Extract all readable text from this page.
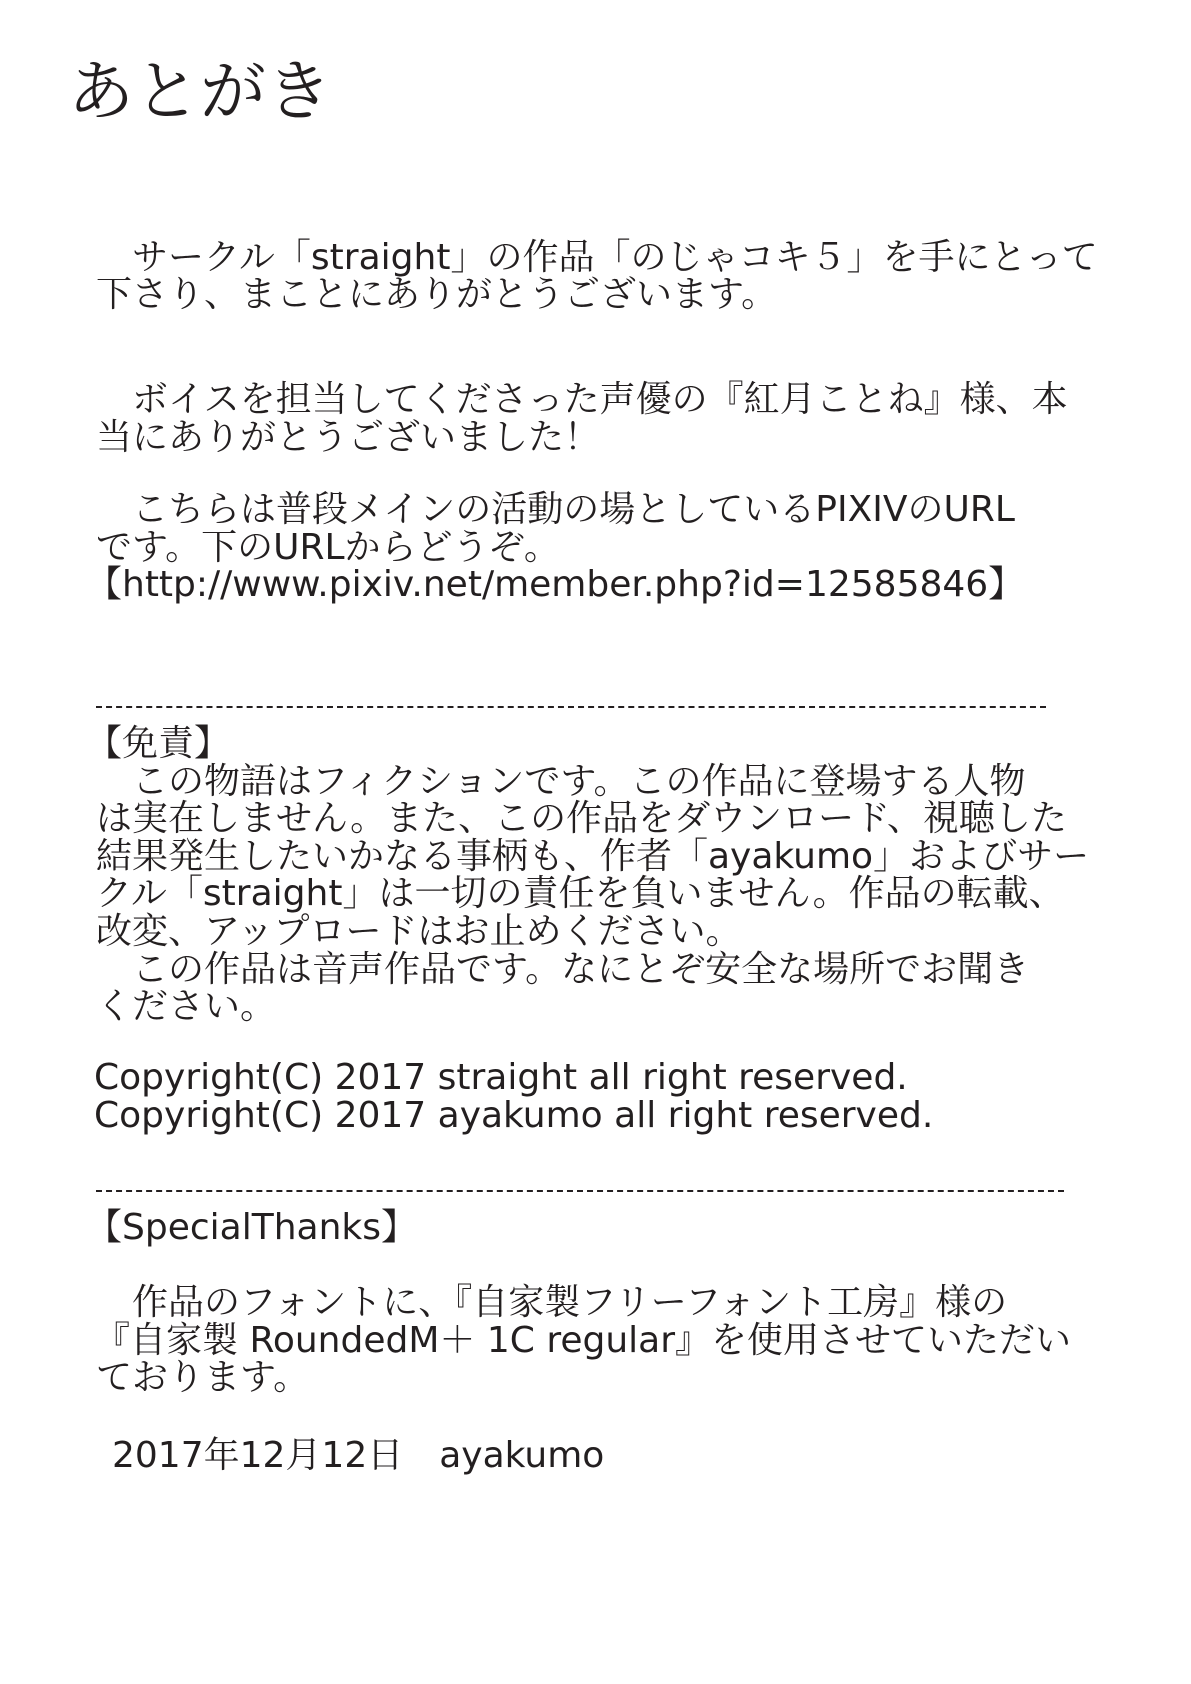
あとがき
　サークル「straight」の作品「のじゃコキ５」を手にとって
下さり、まことにありがとうございます。
　ボイスを担当してくださった声優の『紅月ことね』様、本
当にありがとうございました！
　こちらは普段メインの活動の場としているPIXIVのURL
です。下のURLからどうぞ。
【http://www.pixiv.net/member.php?id=12585846】
【免責】
　この物語はフィクションです。この作品に登場する人物
は実在しません。また、この作品をダウンロード、視聴した
結果発生したいかなる事柄も、作者「ayakumo」およびサー
クル「straight」は一切の責任を負いません。作品の転載、
改変、アップロードはお止めください。
　この作品は音声作品です。なにとぞ安全な場所でお聞き
ください。
Copyright(C) 2017 straight all right reserved.
Copyright(C) 2017 ayakumo all right reserved.
【SpecialThanks】
　作品のフォントに、『自家製フリーフォント工房』様の
『自家製 RoundedM＋ 1C regular』を使用させていただい
ております。
2017年12月12日　ayakumo
